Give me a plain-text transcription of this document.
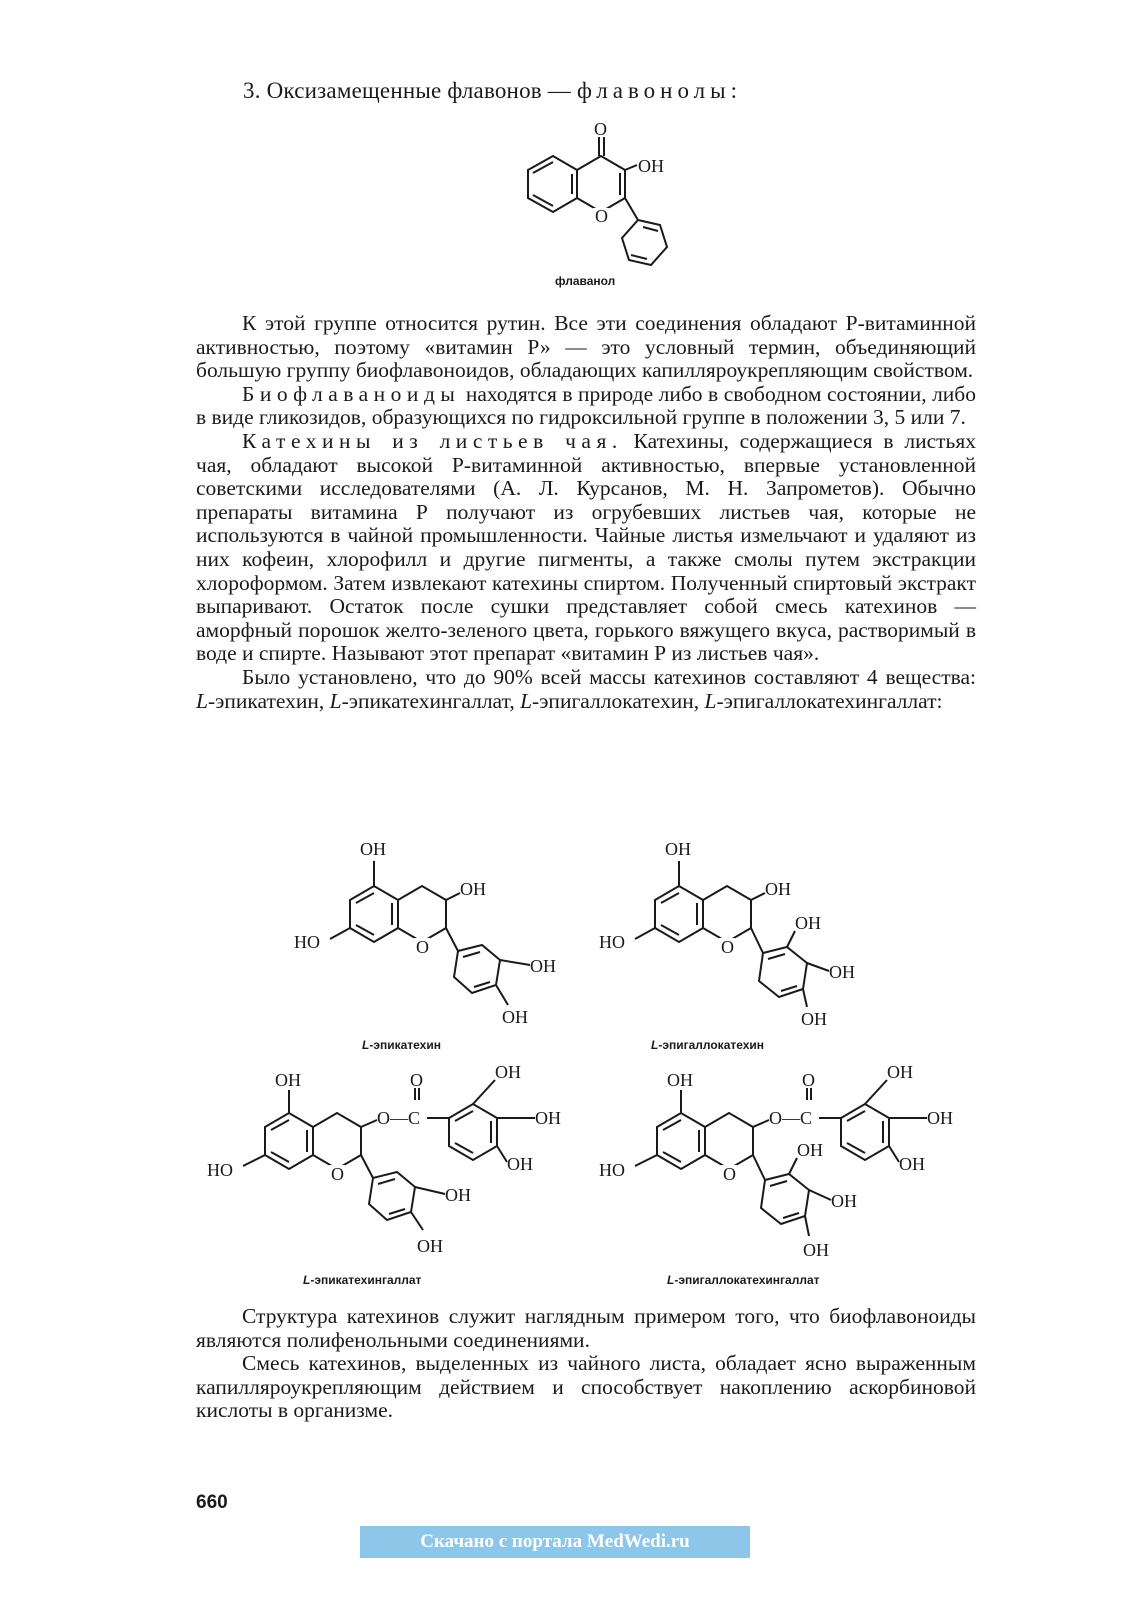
3. Оксизамещенные флавонов — флавонолы:
O
OH
O
флаванол

К этой группе относится рутин. Все эти соединения обладают Р-витаминной активностью, поэтому «витамин Р» — это условный термин, объединяющий большую группу биофлавоноидов, обладающих капилляроукрепляющим свойством.

Биофлаваноиды находятся в природе либо в свободном состоянии, либо в виде гликозидов, образующихся по гидроксильной группе в положении 3, 5 или 7.

Катехины из листьев чая. Катехины, содержащиеся в листьях чая, обладают высокой Р-витаминной активностью, впервые установленной советскими исследователями (А. Л. Курсанов, М. Н. Запрометов). Обычно препараты витамина Р получают из огрубевших листьев чая, которые не используются в чайной промышленности. Чайные листья измельчают и удаляют из них кофеин, хлорофилл и другие пигменты, а также смолы путем экстракции хлороформом. Затем извлекают катехины спиртом. Полученный спиртовый экстракт выпаривают. Остаток после сушки представляет собой смесь катехинов — аморфный порошок желто-зеленого цвета, горького вяжущего вкуса, растворимый в воде и спирте. Называют этот препарат «витамин Р из листьев чая».

Было установлено, что до 90% всей массы катехинов составляют 4 вещества: L-эпикатехин, L-эпикатехингаллат, L-эпигаллокатехин, L-эпигаллокатехингаллат:

OH
OH
HO	O
OH
OH
L-эпикатехин
OH
OH
HO	O
OH
OH
OH
L-эпигаллокатехин
OH	O
O—C
OH
OH
OH
HO	O
OH
OH
L-эпикатехингаллат
OH	O
O—C
OH
OH
OH
HO	O
OH
OH
OH
L-эпигаллокатехингаллат

Структура катехинов служит наглядным примером того, что биофлавоноиды являются полифенольными соединениями.

Смесь катехинов, выделенных из чайного листа, обладает ясно выраженным капилляроукрепляющим действием и способствует накоплению аскорбиновой кислоты в организме.

660
Скачано с портала MedWedi.ru
